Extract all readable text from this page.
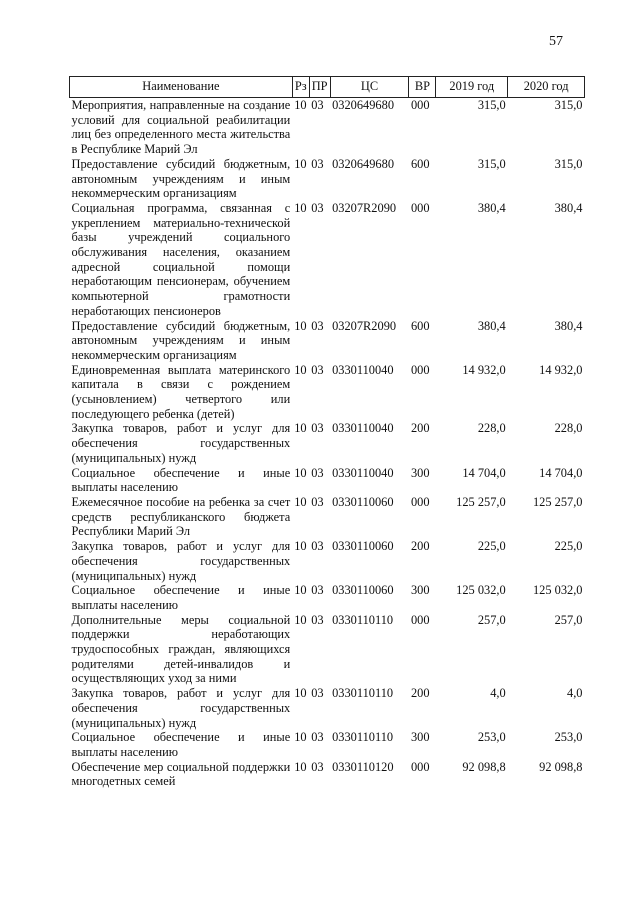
57
Наименование	Рз	ПР	ЦС	ВР	2019 год	2020 год
Мероприятия, направленные на создание условий для социальной реабилитации лиц без определенного места жительства в Республике Марий Эл	10	03	0320649680	000	315,0	315,0
Предоставление субсидий бюджетным, автономным учреждениям и иным некоммерческим организациям	10	03	0320649680	600	315,0	315,0
Социальная программа, связанная с укреплением материально-технической базы учреждений социального обслуживания населения, оказанием адресной социальной помощи неработающим пенсионерам, обучением компьютерной грамотности неработающих пенсионеров	10	03	03207R2090	000	380,4	380,4
Предоставление субсидий бюджетным, автономным учреждениям и иным некоммерческим организациям	10	03	03207R2090	600	380,4	380,4
Единовременная выплата материнского капитала в связи с рождением (усыновлением) четвертого или последующего ребенка (детей)	10	03	0330110040	000	14 932,0	14 932,0
Закупка товаров, работ и услуг для обеспечения государственных (муниципальных) нужд	10	03	0330110040	200	228,0	228,0
Социальное обеспечение и иные выплаты населению	10	03	0330110040	300	14 704,0	14 704,0
Ежемесячное пособие на ребенка за счет средств республиканского бюджета Республики Марий Эл	10	03	0330110060	000	125 257,0	125 257,0
Закупка товаров, работ и услуг для обеспечения государственных (муниципальных) нужд	10	03	0330110060	200	225,0	225,0
Социальное обеспечение и иные выплаты населению	10	03	0330110060	300	125 032,0	125 032,0
Дополнительные меры социальной поддержки неработающих трудоспособных граждан, являющихся родителями детей-инвалидов и осуществляющих уход за ними	10	03	0330110110	000	257,0	257,0
Закупка товаров, работ и услуг для обеспечения государственных (муниципальных) нужд	10	03	0330110110	200	4,0	4,0
Социальное обеспечение и иные выплаты населению	10	03	0330110110	300	253,0	253,0
Обеспечение мер социальной поддержки многодетных семей	10	03	0330110120	000	92 098,8	92 098,8
